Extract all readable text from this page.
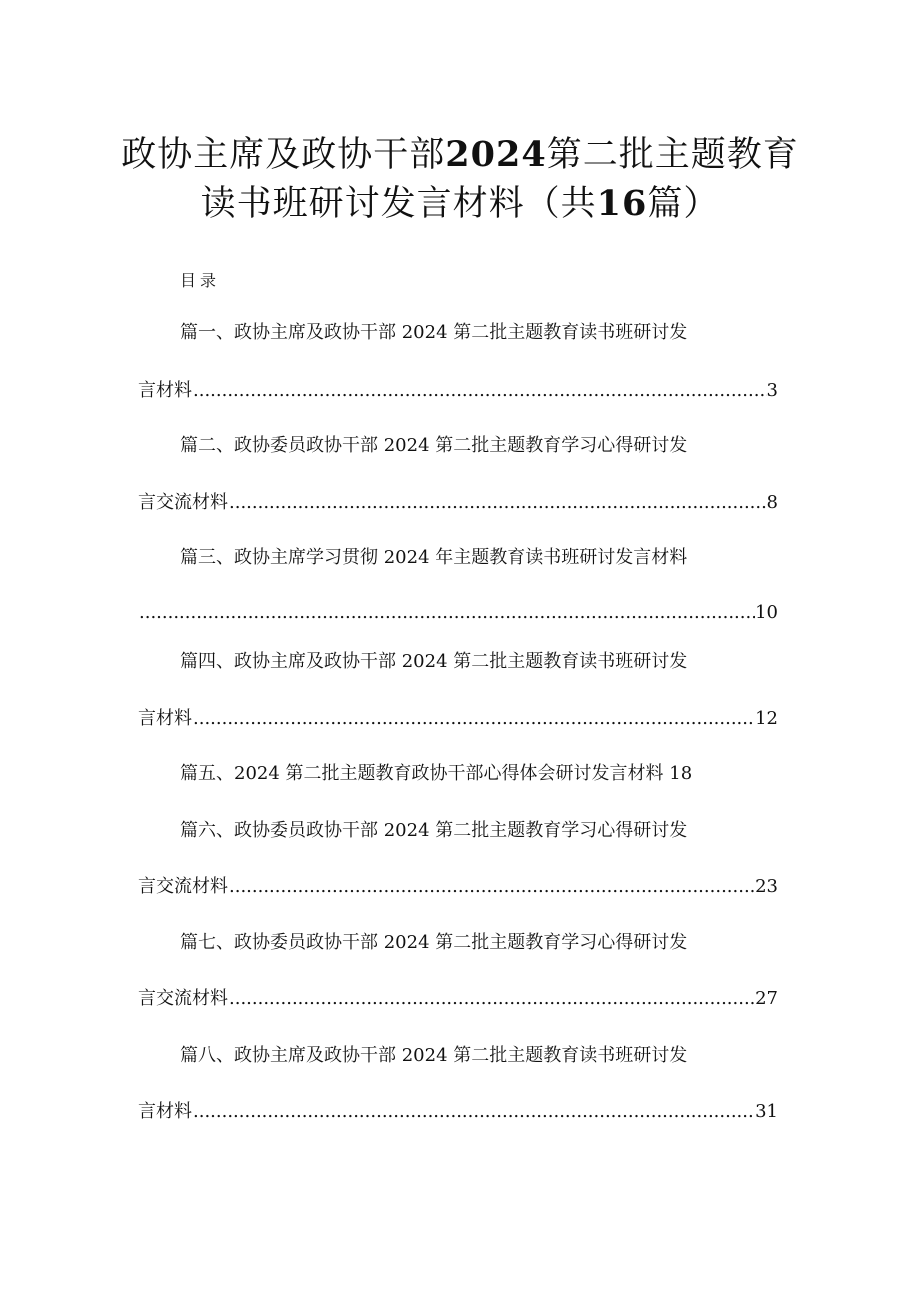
政协主席及政协干部2024第二批主题教育
读书班研讨发言材料（共16篇）
目录
篇一、政协主席及政协干部 2024 第二批主题教育读书班研讨发
言材料 .....	3
篇二、政协委员政协干部 2024 第二批主题教育学习心得研讨发
言交流材料 .....	8
篇三、政协主席学习贯彻 2024 年主题教育读书班研讨发言材料
.....
10
篇四、政协主席及政协干部 2024 第二批主题教育读书班研讨发
言材料 .....	12
篇五、2024 第二批主题教育政协干部心得体会研讨发言材料 18
篇六、政协委员政协干部 2024 第二批主题教育学习心得研讨发
言交流材料 .....	23
篇七、政协委员政协干部 2024 第二批主题教育学习心得研讨发
言交流材料 .....	27
篇八、政协主席及政协干部 2024 第二批主题教育读书班研讨发
言材料 .....	31
